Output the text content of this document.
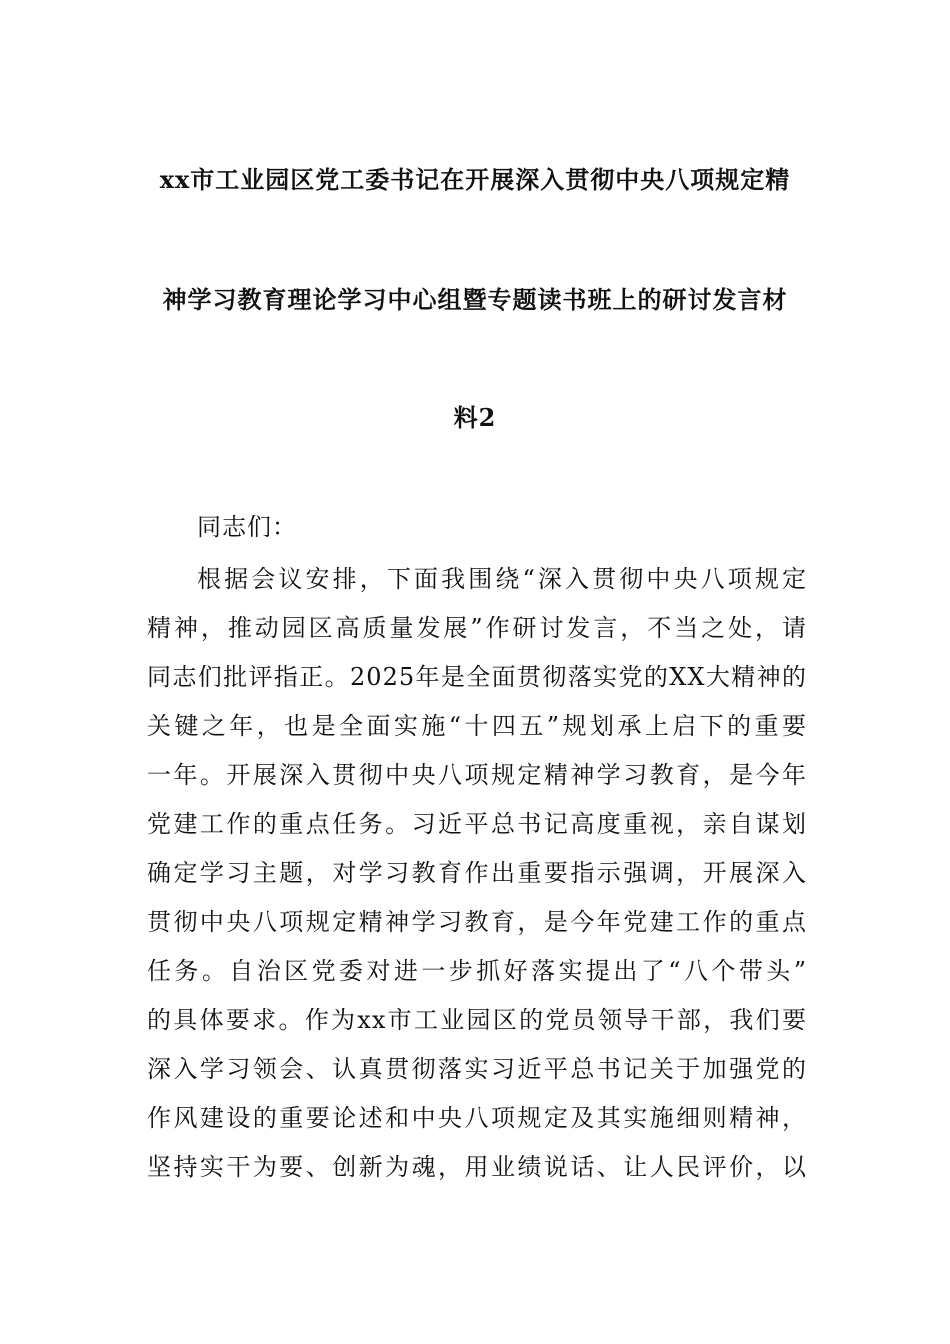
xx市工业园区党工委书记在开展深入贯彻中央八项规定精
神学习教育理论学习中心组暨专题读书班上的研讨发言材
料2
同志们：
根据会议安排，下面我围绕“深入贯彻中央八项规定
精神，推动园区高质量发展”作研讨发言，不当之处，请
同志们批评指正。2025年是全面贯彻落实党的XX大精神的
关键之年，也是全面实施“十四五”规划承上启下的重要
一年。开展深入贯彻中央八项规定精神学习教育，是今年
党建工作的重点任务。习近平总书记高度重视，亲自谋划
确定学习主题，对学习教育作出重要指示强调，开展深入
贯彻中央八项规定精神学习教育，是今年党建工作的重点
任务。自治区党委对进一步抓好落实提出了“八个带头”
的具体要求。作为xx市工业园区的党员领导干部，我们要
深入学习领会、认真贯彻落实习近平总书记关于加强党的
作风建设的重要论述和中央八项规定及其实施细则精神，
坚持实干为要、创新为魂，用业绩说话、让人民评价，以
